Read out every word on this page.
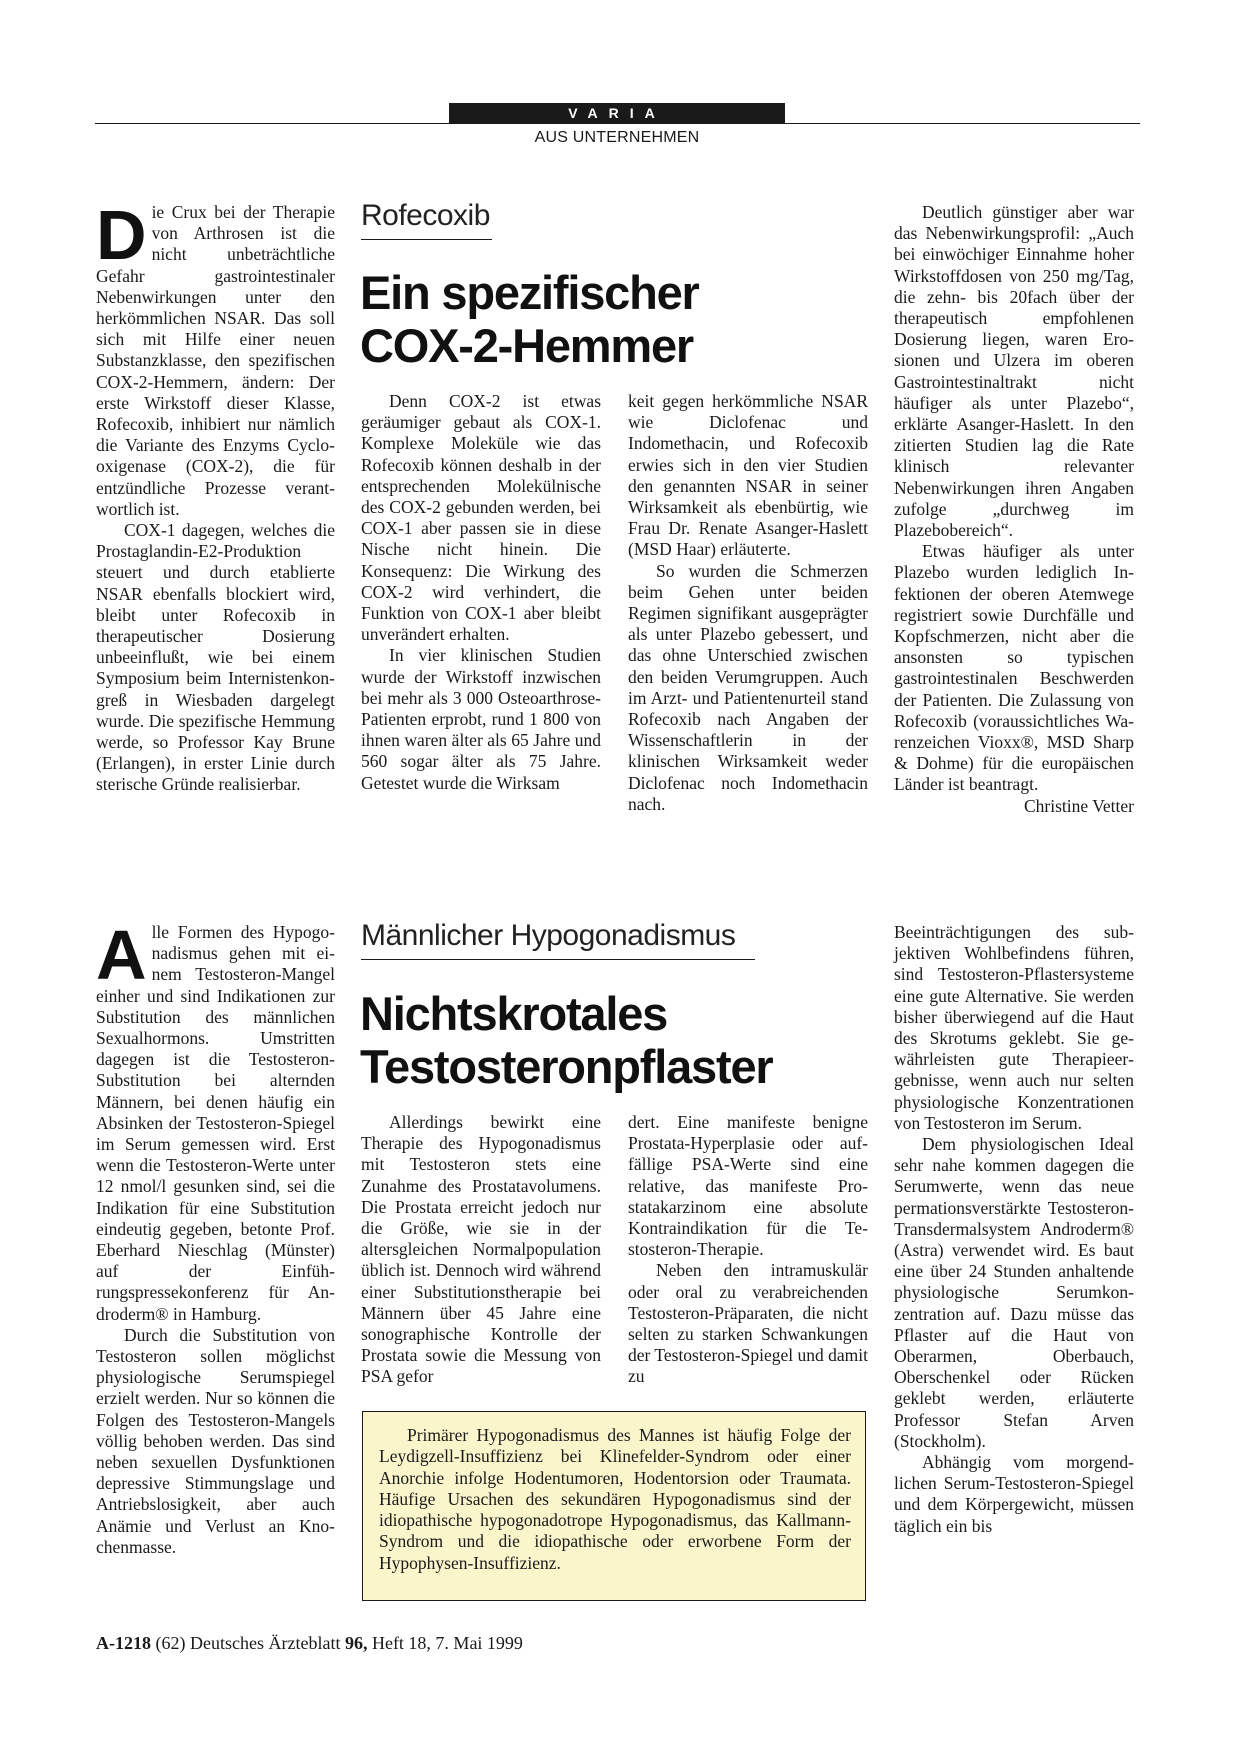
VARIA
AUS UNTERNEHMEN

Die Crux bei der Therapie von Arthrosen ist die nicht unbeträchtliche Gefahr gastrointestinaler Nebenwirkungen unter den herkömmlichen NSAR. Das soll sich mit Hilfe einer neuen Substanzklasse, den spezifischen COX-2-Hemmern, ändern: Der erste Wirkstoff dieser Klasse, Rofecoxib, inhibiert nur nämlich die Variante des Enzyms Cyclooxigenase (COX-2), die für entzündliche Prozesse verantwortlich ist.

COX-1 dagegen, welches die Prostaglandin-E2-Produktion steuert und durch etablierte NSAR ebenfalls blockiert wird, bleibt unter Rofecoxib in therapeutischer Dosierung unbeeinflußt, wie bei einem Symposium beim Internistenkongreß in Wiesbaden dargelegt wurde. Die spezifische Hemmung werde, so Professor Kay Brune (Erlangen), in erster Linie durch sterische Gründe realisierbar.

Rofecoxib
Ein spezifischer
COX-2-Hemmer

Denn COX-2 ist etwas geräumiger gebaut als COX-1. Komplexe Moleküle wie das Rofecoxib können deshalb in der entsprechenden Molekülnische des COX-2 gebunden werden, bei COX-1 aber passen sie in diese Nische nicht hinein. Die Konsequenz: Die Wirkung des COX-2 wird verhindert, die Funktion von COX-1 aber bleibt unverändert erhalten.

In vier klinischen Studien wurde der Wirkstoff inzwischen bei mehr als 3 000 Osteoarthrose-Patienten erprobt, rund 1 800 von ihnen waren älter als 65 Jahre und 560 sogar älter als 75 Jahre. Getestet wurde die Wirksam

keit gegen herkömmliche NSAR wie Diclofenac und Indomethacin, und Rofecoxib erwies sich in den vier Studien den genannten NSAR in seiner Wirksamkeit als ebenbürtig, wie Frau Dr. Renate Asanger-Haslett (MSD Haar) erläuterte.

So wurden die Schmerzen beim Gehen unter beiden Regimen signifikant ausgeprägter als unter Plazebo gebessert, und das ohne Unterschied zwischen den beiden Verumgruppen. Auch im Arzt- und Patientenurteil stand Rofecoxib nach Angaben der Wissenschaftlerin in der klinischen Wirksamkeit weder Diclofenac noch Indomethacin nach.

Deutlich günstiger aber war das Nebenwirkungsprofil: „Auch bei einwöchiger Einnahme hoher Wirkstoffdosen von 250 mg/Tag, die zehn- bis 20fach über der therapeutisch empfohlenen Dosierung liegen, waren Erosionen und Ulzera im oberen Gastrointestinaltrakt nicht häufiger als unter Plazebo“, erklärte Asanger-Haslett. In den zitierten Studien lag die Rate klinisch relevanter Nebenwirkungen ihren Angaben zufolge „durchweg im Plazebobereich“.

Etwas häufiger als unter Plazebo wurden lediglich Infektionen der oberen Atemwege registriert sowie Durchfälle und Kopfschmerzen, nicht aber die ansonsten so typischen gastrointestinalen Beschwerden der Patienten. Die Zulassung von Rofecoxib (voraussichtliches Warenzeichen Vioxx®, MSD Sharp & Dohme) für die europäischen Länder ist beantragt.
Christine Vetter

Alle Formen des Hypogonadismus gehen mit einem Testosteron-Mangel einher und sind Indikationen zur Substitution des männlichen Sexualhormons. Umstritten dagegen ist die Testosteron-Substitution bei alternden Männern, bei denen häufig ein Absinken der Testosteron-Spiegel im Serum gemessen wird. Erst wenn die Testosteron-Werte unter 12 nmol/l gesunken sind, sei die Indikation für eine Substitution eindeutig gegeben, betonte Prof. Eberhard Nieschlag (Münster) auf der Einführungspressekonferenz für Androderm® in Hamburg.

Durch die Substitution von Testosteron sollen möglichst physiologische Serumspiegel erzielt werden. Nur so können die Folgen des Testosteron-Mangels völlig behoben werden. Das sind neben sexuellen Dysfunktionen depressive Stimmungslage und Antriebslosigkeit, aber auch Anämie und Verlust an Knochenmasse.

Männlicher Hypogonadismus
Nichtskrotales
Testosteronpflaster

Allerdings bewirkt eine Therapie des Hypogonadismus mit Testosteron stets eine Zunahme des Prostatavolumens. Die Prostata erreicht jedoch nur die Größe, wie sie in der altersgleichen Normalpopulation üblich ist. Dennoch wird während einer Substitutionstherapie bei Männern über 45 Jahre eine sonographische Kontrolle der Prostata sowie die Messung von PSA gefor

dert. Eine manifeste benigne Prostata-Hyperplasie oder auffällige PSA-Werte sind eine relative, das manifeste Prostatakarzinom eine absolute Kontraindikation für die Testosteron-Therapie.

Neben den intramuskulär oder oral zu verabreichenden Testosteron-Präparaten, die nicht selten zu starken Schwankungen der Testosteron-Spiegel und damit zu

Primärer Hypogonadismus des Mannes ist häufig Folge der Leydigzell-Insuffizienz bei Klinefelder-Syndrom oder einer Anorchie infolge Hodentumoren, Hodentorsion oder Traumata. Häufige Ursachen des sekundären Hypogonadismus sind der idiopathische hypogonadotrope Hypogonadismus, das Kallmann-Syndrom und die idiopathische oder erworbene Form der Hypophysen-Insuffizienz.

Beeinträchtigungen des subjektiven Wohlbefindens führen, sind Testosteron-Pflastersysteme eine gute Alternative. Sie werden bisher überwiegend auf die Haut des Skrotums geklebt. Sie gewährleisten gute Therapieergebnisse, wenn auch nur selten physiologische Konzentrationen von Testosteron im Serum.

Dem physiologischen Ideal sehr nahe kommen dagegen die Serumwerte, wenn das neue permationsverstärkte Testosteron-Transdermalsystem Androderm® (Astra) verwendet wird. Es baut eine über 24 Stunden anhaltende physiologische Serumkonzentration auf. Dazu müsse das Pflaster auf die Haut von Oberarmen, Oberbauch, Oberschenkel oder Rücken geklebt werden, erläuterte Professor Stefan Arven (Stockholm).

Abhängig vom morgendlichen Serum-Testosteron-Spiegel und dem Körpergewicht, müssen täglich ein bis

A-1218 (62) Deutsches Ärzteblatt 96, Heft 18, 7. Mai 1999
